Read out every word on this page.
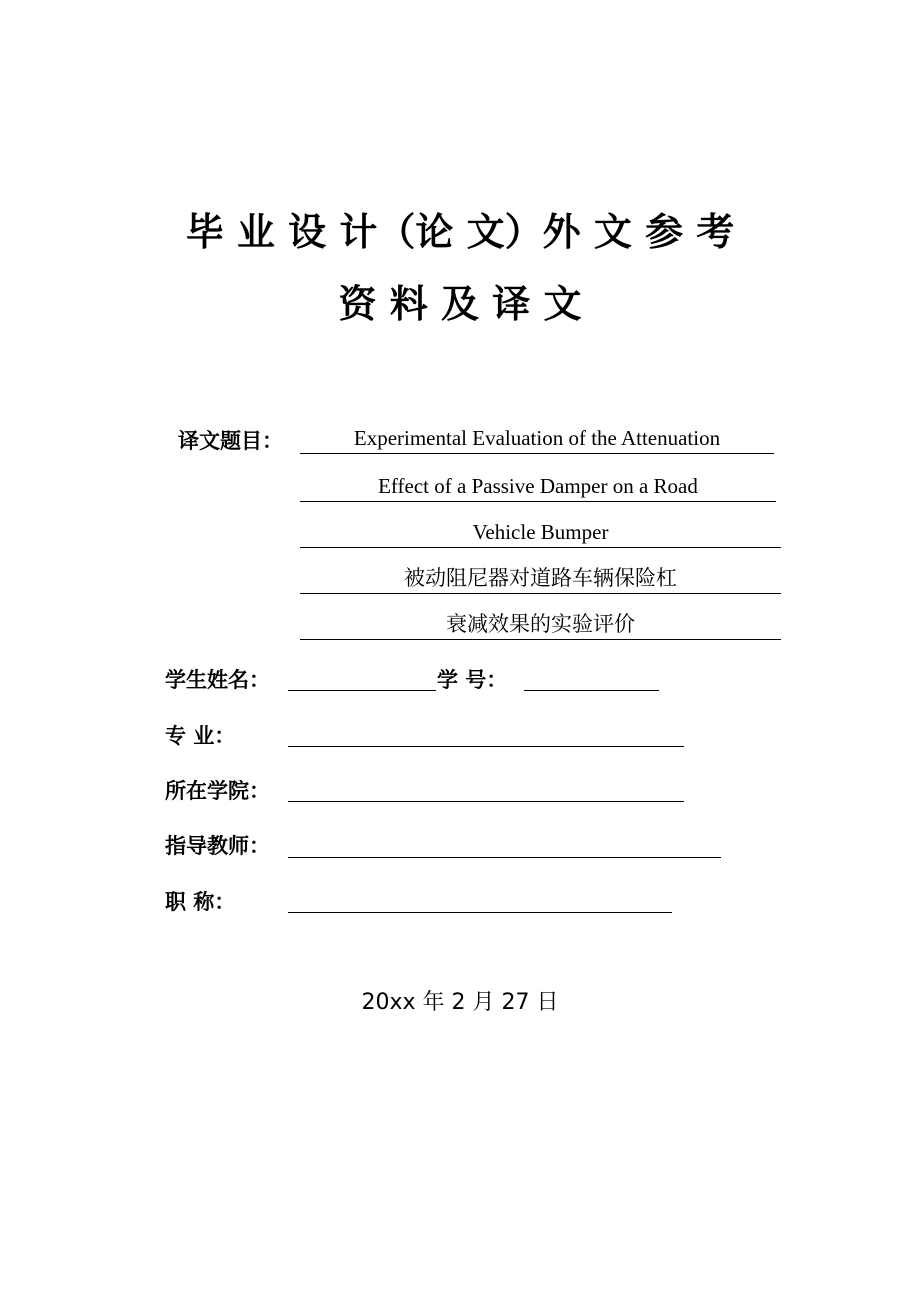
毕 业 设 计（论 文）外 文 参 考
资 料 及 译 文
译文题目：	Experimental Evaluation of the Attenuation
Effect of a Passive Damper on a Road
Vehicle Bumper
被动阻尼器对道路车辆保险杠
衰减效果的实验评价
学生姓名：	学 号：
专 业：
所在学院：
指导教师：
职 称：
20xx 年 2 月 27 日
